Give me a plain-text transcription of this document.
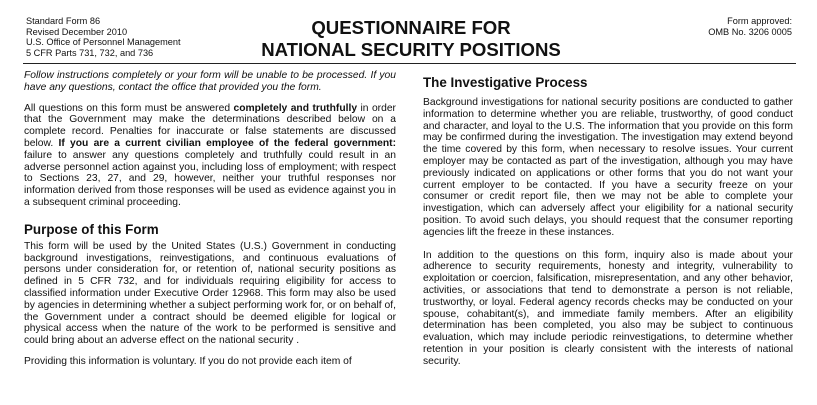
Standard Form 86
Revised December 2010
U.S. Office of Personnel Management
5 CFR Parts 731, 732, and 736
QUESTIONNAIRE FOR
NATIONAL SECURITY POSITIONS
Form approved:
OMB No. 3206 0005

Follow instructions completely or your form will be unable to be processed. If you have any questions, contact the office that provided you the form.

All questions on this form must be answered completely and truthfully in order that the Government may make the determinations described below on a complete record. Penalties for inaccurate or false statements are discussed below. If you are a current civilian employee of the federal government: failure to answer any questions completely and truthfully could result in an adverse personnel action against you, including loss of employment; with respect to Sections 23, 27, and 29, however, neither your truthful responses nor information derived from those responses will be used as evidence against you in a subsequent criminal proceeding.

Purpose of this Form

This form will be used by the United States (U.S.) Government in conducting background investigations, reinvestigations, and continuous evaluations of persons under consideration for, or retention of, national security positions as defined in 5 CFR 732, and for individuals requiring eligibility for access to classified information under Executive Order 12968. This form may also be used by agencies in determining whether a subject performing work for, or on behalf of, the Government under a contract should be deemed eligible for logical or physical access when the nature of the work to be performed is sensitive and could bring about an adverse effect on the national security .

Providing this information is voluntary. If you do not provide each item of

The Investigative Process

Background investigations for national security positions are conducted to gather information to determine whether you are reliable, trustworthy, of good conduct and character, and loyal to the U.S. The information that you provide on this form may be confirmed during the investigation. The investigation may extend beyond the time covered by this form, when necessary to resolve issues. Your current employer may be contacted as part of the investigation, although you may have previously indicated on applications or other forms that you do not want your current employer to be contacted. If you have a security freeze on your consumer or credit report file, then we may not be able to complete your investigation, which can adversely affect your eligibility for a national security position. To avoid such delays, you should request that the consumer reporting agencies lift the freeze in these instances.

In addition to the questions on this form, inquiry also is made about your adherence to security requirements, honesty and integrity, vulnerability to exploitation or coercion, falsification, misrepresentation, and any other behavior, activities, or associations that tend to demonstrate a person is not reliable, trustworthy, or loyal. Federal agency records checks may be conducted on your spouse, cohabitant(s), and immediate family members. After an eligibility determination has been completed, you also may be subject to continuous evaluation, which may include periodic reinvestigations, to determine whether retention in your position is clearly consistent with the interests of national security.
